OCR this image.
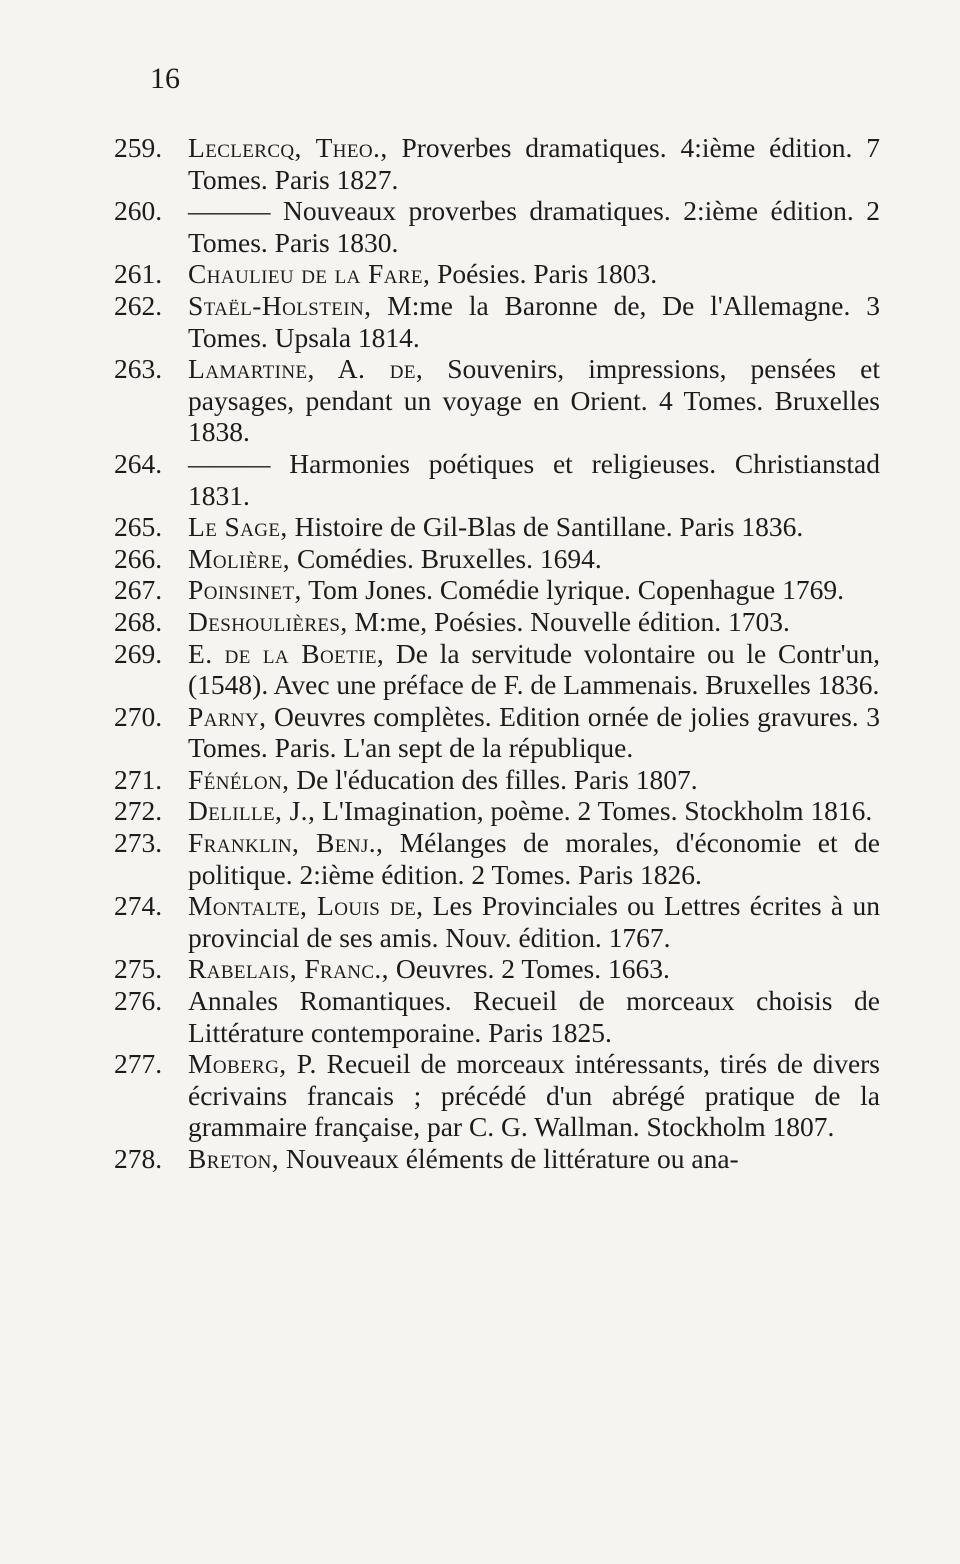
16
259. Leclercq, Theo., Proverbes dramatiques. 4:ième édition. 7 Tomes. Paris 1827.
260. ——— Nouveaux proverbes dramatiques. 2:ième édition. 2 Tomes. Paris 1830.
261. Chaulieu de la Fare, Poésies. Paris 1803.
262. Staël-Holstein, M:me la Baronne de, De l'Allemagne. 3 Tomes. Upsala 1814.
263. Lamartine, A. de, Souvenirs, impressions, pensées et paysages, pendant un voyage en Orient. 4 Tomes. Bruxelles 1838.
264. ——— Harmonies poétiques et religieuses. Christianstad 1831.
265. Le Sage, Histoire de Gil-Blas de Santillane. Paris 1836.
266. Molière, Comédies. Bruxelles. 1694.
267. Poinsinet, Tom Jones. Comédie lyrique. Copenhague 1769.
268. Deshoulières, M:me, Poésies. Nouvelle édition. 1703.
269. E. de la Boetie, De la servitude volontaire ou le Contr'un, (1548). Avec une préface de F. de Lammenais. Bruxelles 1836.
270. Parny, Oeuvres complètes. Edition ornée de jolies gravures. 3 Tomes. Paris. L'an sept de la république.
271. Fénélon, De l'éducation des filles. Paris 1807.
272. Delille, J., L'Imagination, poème. 2 Tomes. Stockholm 1816.
273. Franklin, Benj., Mélanges de morales, d'économie et de politique. 2:ième édition. 2 Tomes. Paris 1826.
274. Montalte, Louis de, Les Provinciales ou Lettres écrites à un provincial de ses amis. Nouv. édition. 1767.
275. Rabelais, Franc., Oeuvres. 2 Tomes. 1663.
276. Annales Romantiques. Recueil de morceaux choisis de Littérature contemporaine. Paris 1825.
277. Moberg, P. Recueil de morceaux intéressants, tirés de divers écrivains francais ; précédé d'un abrégé pratique de la grammaire française, par C. G. Wallman. Stockholm 1807.
278. Breton, Nouveaux éléments de littérature ou ana-
